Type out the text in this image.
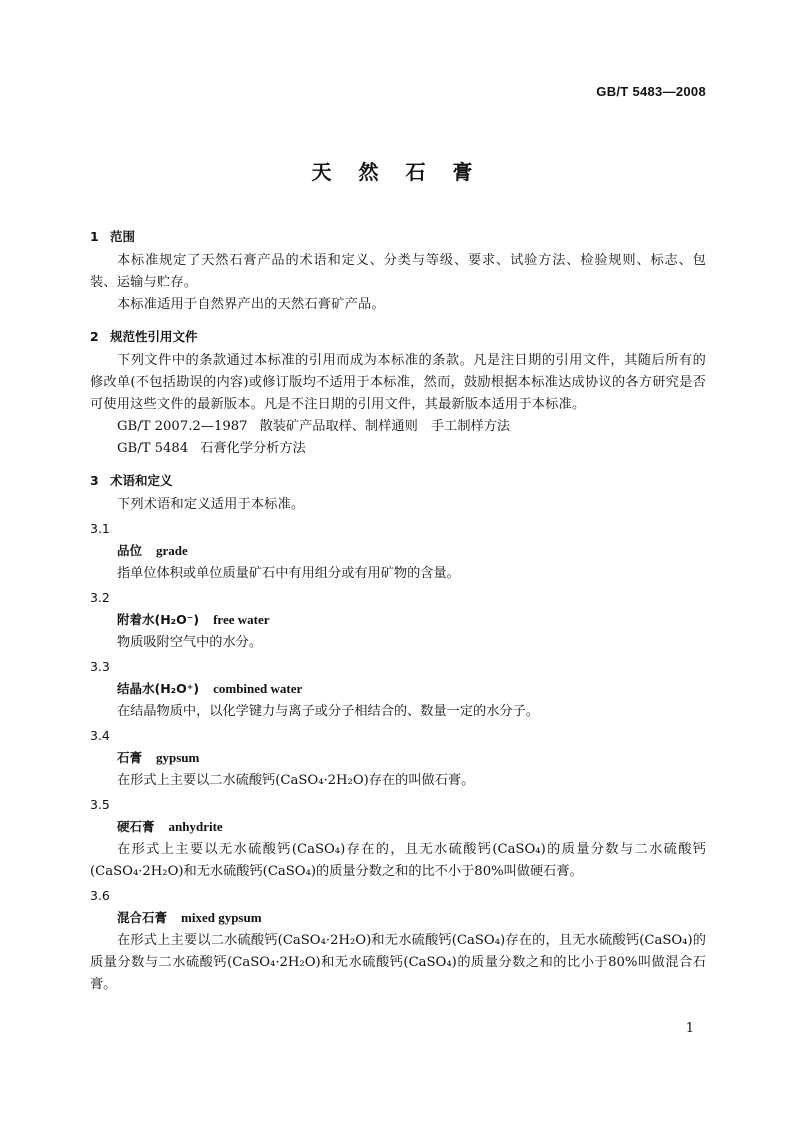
GB/T 5483—2008
天 然 石 膏
1 范围

本标准规定了天然石膏产品的术语和定义、分类与等级、要求、试验方法、检验规则、标志、包装、运输与贮存。

本标准适用于自然界产出的天然石膏矿产品。

2 规范性引用文件

下列文件中的条款通过本标准的引用而成为本标准的条款。凡是注日期的引用文件，其随后所有的修改单(不包括勘误的内容)或修订版均不适用于本标准，然而，鼓励根据本标准达成协议的各方研究是否可使用这些文件的最新版本。凡是不注日期的引用文件，其最新版本适用于本标准。

GB/T 2007.2—1987 散装矿产品取样、制样通则　手工制样方法
GB/T 5484 石膏化学分析方法
3 术语和定义

下列术语和定义适用于本标准。

3.1
品位 grade

指单位体积或单位质量矿石中有用组分或有用矿物的含量。

3.2
附着水(H₂O⁻) free water

物质吸附空气中的水分。

3.3
结晶水(H₂O⁺) combined water

在结晶物质中，以化学键力与离子或分子相结合的、数量一定的水分子。

3.4
石膏 gypsum

在形式上主要以二水硫酸钙(CaSO₄·2H₂O)存在的叫做石膏。

3.5
硬石膏 anhydrite

在形式上主要以无水硫酸钙(CaSO₄)存在的，且无水硫酸钙(CaSO₄)的质量分数与二水硫酸钙(CaSO₄·2H₂O)和无水硫酸钙(CaSO₄)的质量分数之和的比不小于80%叫做硬石膏。

3.6
混合石膏 mixed gypsum

在形式上主要以二水硫酸钙(CaSO₄·2H₂O)和无水硫酸钙(CaSO₄)存在的，且无水硫酸钙(CaSO₄)的质量分数与二水硫酸钙(CaSO₄·2H₂O)和无水硫酸钙(CaSO₄)的质量分数之和的比小于80%叫做混合石膏。

1
